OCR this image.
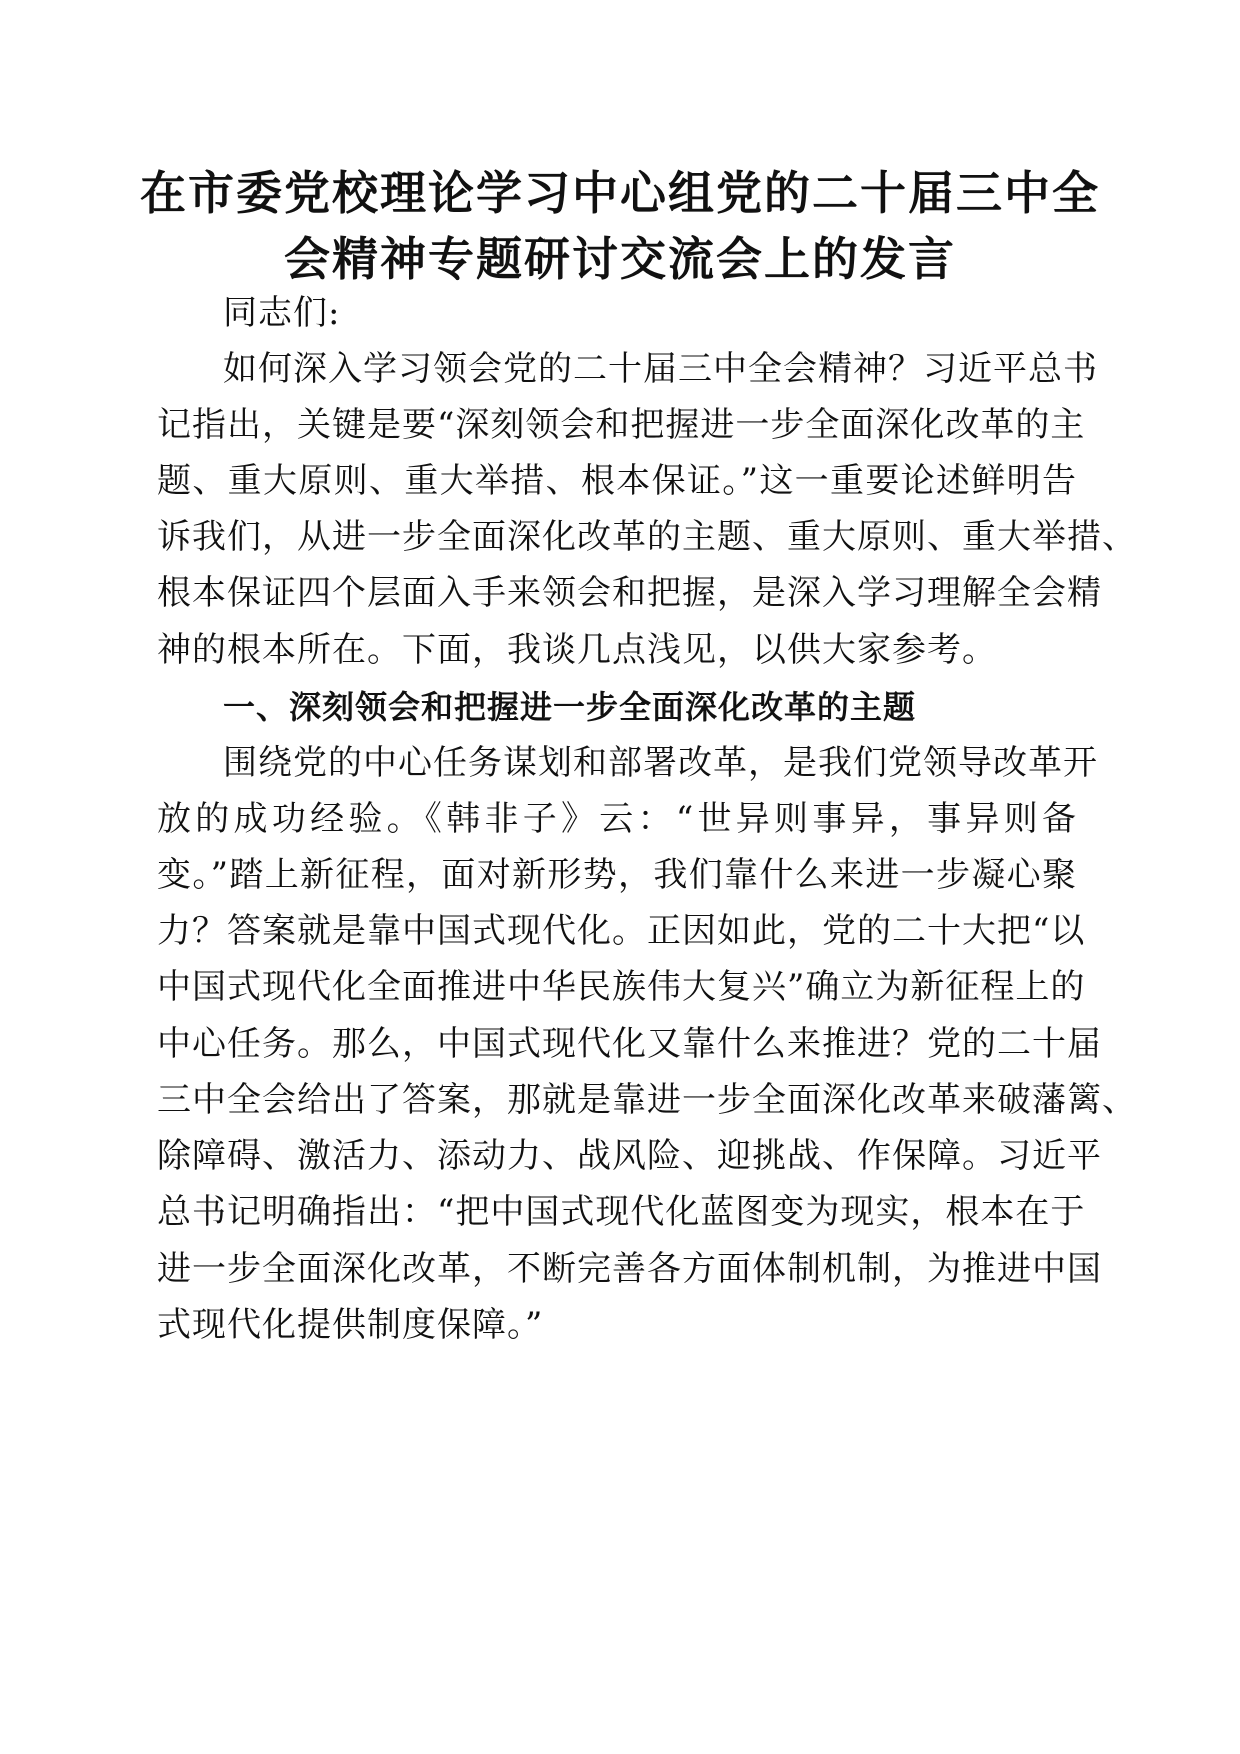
在市委党校理论学习中心组党的二十届三中全
会精神专题研讨交流会上的发言
同志们:
如何深入学习领会党的二十届三中全会精神？习近平总书
记指出，关键是要“深刻领会和把握进一步全面深化改革的主
题、重大原则、重大举措、根本保证。”这一重要论述鲜明告
诉我们，从进一步全面深化改革的主题、重大原则、重大举措、
根本保证四个层面入手来领会和把握，是深入学习理解全会精
神的根本所在。下面，我谈几点浅见，以供大家参考。
一、深刻领会和把握进一步全面深化改革的主题
围绕党的中心任务谋划和部署改革，是我们党领导改革开
放的成功经验。《韩非子》云：“世异则事异，事异则备
变。”踏上新征程，面对新形势，我们靠什么来进一步凝心聚
力？答案就是靠中国式现代化。正因如此，党的二十大把“以
中国式现代化全面推进中华民族伟大复兴”确立为新征程上的
中心任务。那么，中国式现代化又靠什么来推进？党的二十届
三中全会给出了答案，那就是靠进一步全面深化改革来破藩篱、
除障碍、激活力、添动力、战风险、迎挑战、作保障。习近平
总书记明确指出：“把中国式现代化蓝图变为现实，根本在于
进一步全面深化改革，不断完善各方面体制机制，为推进中国
式现代化提供制度保障。”
